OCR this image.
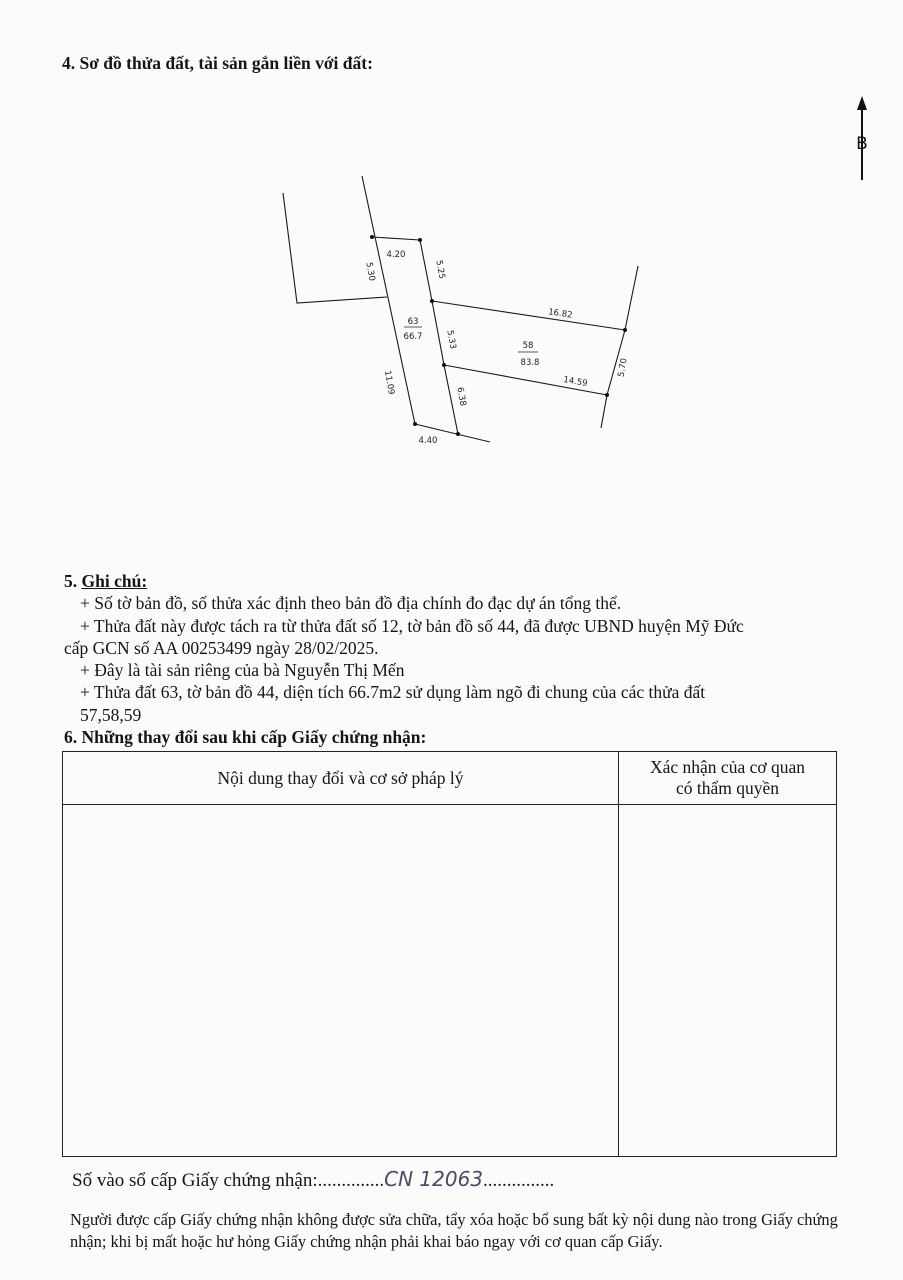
4. Sơ đồ thửa đất, tài sản gắn liền với đất:
B
63
66.7
58
83.8
4.20
5.30	5.25
16.82
5.33
14.59
5.70
11.09
6.38
4.40
5. Ghi chú:
+ Số tờ bản đồ, số thửa xác định theo bản đồ địa chính đo đạc dự án tổng thể.
+ Thửa đất này được tách ra từ thửa đất số 12, tờ bản đồ số 44, đã được UBND huyện Mỹ Đức
cấp GCN số AA 00253499 ngày 28/02/2025.
+ Đây là tài sản riêng của bà Nguyễn Thị Mến
+ Thửa đất 63, tờ bản đồ 44, diện tích 66.7m2 sử dụng làm ngõ đi chung của các thửa đất
57,58,59
6. Những thay đổi sau khi cấp Giấy chứng nhận:
Nội dung thay đổi và cơ sở pháp lý	Xác nhận của cơ quan
có thẩm quyền

Số vào sổ cấp Giấy chứng nhận:..............CN 12063...............
Người được cấp Giấy chứng nhận không được sửa chữa, tẩy xóa hoặc bổ sung bất kỳ nội dung nào trong Giấy chứng nhận; khi bị mất hoặc hư hỏng Giấy chứng nhận phải khai báo ngay với cơ quan cấp Giấy.
